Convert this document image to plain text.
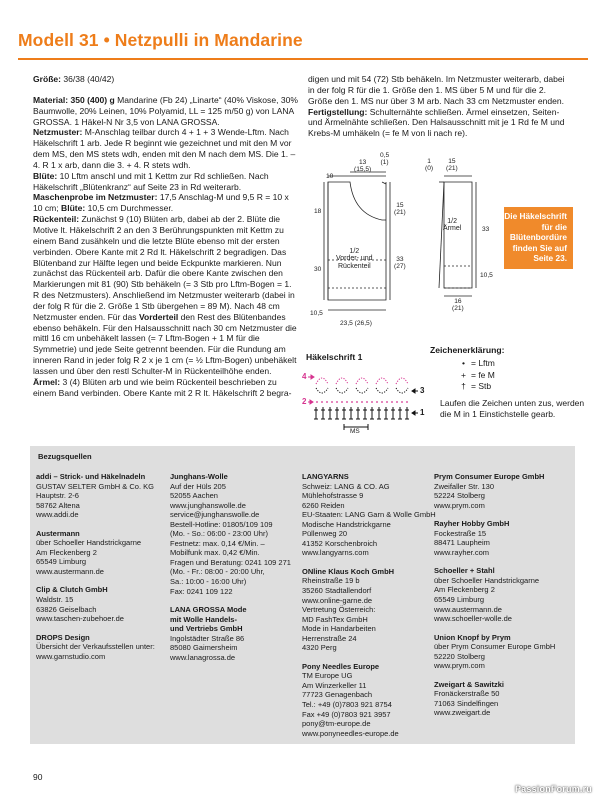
Modell 31 • Netzpulli in Mandarine

Größe: 36/38 (40/42)

Material: 350 (400) g Mandarine (Fb 24) „Linarte“ (40% Viskose, 30% Baumwolle, 20% Leinen, 10% Polyamid, LL = 125 m/50 g) von LANA GROSSA. 1 Häkel-N Nr 3,5 von LANA GROSSA.

Netzmuster: M-Anschlag teilbar durch 4 + 1 + 3 Wende-Lftm. Nach Häkelschrift 1 arb. Jede R beginnt wie gezeichnet und mit den M vor dem MS, den MS stets wdh, enden mit den M nach dem MS. Die 1. – 4. R 1 x arb, dann die 3. + 4. R stets wdh.

Blüte: 10 Lftm anschl und mit 1 Kettm zur Rd schließen. Nach Häkelschrift „Blütenkranz“ auf Seite 23 in Rd weiterarb.

Maschenprobe im Netzmuster: 17,5 Anschlag-M und 9,5 R = 10 x 10 cm; Blüte: 10,5 cm Durchmesser.

Rückenteil: Zunächst 9 (10) Blüten arb, dabei ab der 2. Blüte die Motive lt. Häkelschrift 2 an den 3 Berührungspunkten mit Kettm zu einem Band zusähkeln und die letzte Blüte ebenso mit der ersten verbinden. Obere Kante mit 2 Rd lt. Häkelschrift 2 begradigen. Das Blütenband zur Hälfte legen und beide Eckpunkte markieren. Nun zunächst das Rückenteil arb. Dafür die obere Kante zwischen den Markierungen mit 81 (90) Stb behäkeln (= 3 Stb pro Lftm-Bogen = 1. R des Netzmusters). Anschließend im Netzmuster weiterarb (dabei in der folg R für die 2. Größe 1 Stb übergehen = 89 M). Nach 48 cm Netzmuster enden. Für das Vorderteil den Rest des Blütenbandes ebenso behäkeln. Für den Halsausschnitt nach 30 cm Netzmuster die mittl 16 cm unbehäkelt lassen (= 7 Lftm-Bogen + 1 M für die Symmetrie) und jede Seite getrennt beenden. Für die Rundung am inneren Rand in jeder folg R 2 x je 1 cm (= ½ Lftm-Bogen) unbehäkelt lassen und über den restl Schulter-M in Rückenteilhöhe enden.

Ärmel: 3 (4) Blüten arb und wie beim Rückenteil beschrieben zu einem Band verbinden. Obere Kante mit 2 R lt. Häkelschrift 2 begra-

digen und mit 54 (72) Stb behäkeln. Im Netzmuster weiterarb, dabei in der folg R für die 1. Größe den 1. MS über 5 M und für die 2. Größe den 1. MS nur über 3 M arb. Nach 33 cm Netzmuster enden. Fertigstellung: Schulternähte schließen. Ärmel einsetzen, Seiten- und Ärmelnähte schließen. Den Halsausschnitt mit je 1 Rd fe M und Krebs-M umhäkeln (= fe M von li nach re).

10
13
(15,5)
0,5
(1)
15
(21)
18
30
33
(27)
10,5
23,5 (26,5)
1/2
Vorder- und
Rückenteil
1
(0)
15
(21)
1/2
Ärmel	33
10,5
16
(21)
Die Häkelschrift für die Blütenbordüre finden Sie auf Seite 23.
Häkelschrift 1
4
2
3
1
MS
Zeichenerklärung:
• = Lftm
+ = fe M
† = Stb
Laufen die Zeichen unten zus, werden die M in 1 Einstichstelle gearb.
Bezugsquellen
addi – Strick- und Häkelnadeln
GUSTAV SELTER GmbH & Co. KG
Hauptstr. 2-6
58762 Altena
www.addi.de
Austermann
über Schoeller Handstrickgarne
Am Fleckenberg 2
65549 Limburg
www.austermann.de
Clip & Clutch GmbH
Waldstr. 15
63826 Geiselbach
www.taschen-zubehoer.de
DROPS Design
Übersicht der Verkaufsstellen unter:
www.garnstudio.com
Junghans-Wolle
Auf der Hüls 205
52055 Aachen
www.junghanswolle.de
service@junghanswolle.de
Bestell-Hotline: 01805/109 109
(Mo. - So.: 06:00 - 23:00 Uhr)
Festnetz: max. 0,14 €/Min. –
Mobilfunk max. 0,42 €/Min.
Fragen und Beratung: 0241 109 271
(Mo. - Fr.: 08:00 - 20:00 Uhr,
Sa.: 10:00 - 16:00 Uhr)
Fax: 0241 109 122
LANA GROSSA Mode
mit Wolle Handels-
und Vertriebs GmbH
Ingolstädter Straße 86
85080 Gaimersheim
www.lanagrossa.de
LANGYARNS
Schweiz: LANG & CO. AG
Mühlehofstrasse 9
6260 Reiden
EU-Staaten: LANG Garn & Wolle GmbH
Modische Handstrickgarne
Püllenweg 20
41352 Korschenbroich
www.langyarns.com
ONline Klaus Koch GmbH
Rheinstraße 19 b
35260 Stadtallendorf
www.online-garne.de
Vertretung Österreich:
MD FashTex GmbH
Mode in Handarbeiten
Herrenstraße 24
4320 Perg
Pony Needles Europe
TM Europe UG
Am Winzerkeller 11
77723 Genagenbach
Tel.: +49 (0)7803 921 8754
Fax +49 (0)7803 921 3957
pony@tm-europe.de
www.ponyneedles-europe.de
Prym Consumer Europe GmbH
Zweifaller Str. 130
52224 Stolberg
www.prym.com
Rayher Hobby GmbH
Fockestraße 15
88471 Laupheim
www.rayher.com
Schoeller + Stahl
über Schoeller Handstrickgarne
Am Fleckenberg 2
65549 Limburg
www.austermann.de
www.schoeller-wolle.de
Union Knopf by Prym
über Prym Consumer Europe GmbH
52220 Stolberg
www.prym.com
Zweigart & Sawitzki
Fronäckerstraße 50
71063 Sindelfingen
www.zweigart.de
90
PassionForum.ru
